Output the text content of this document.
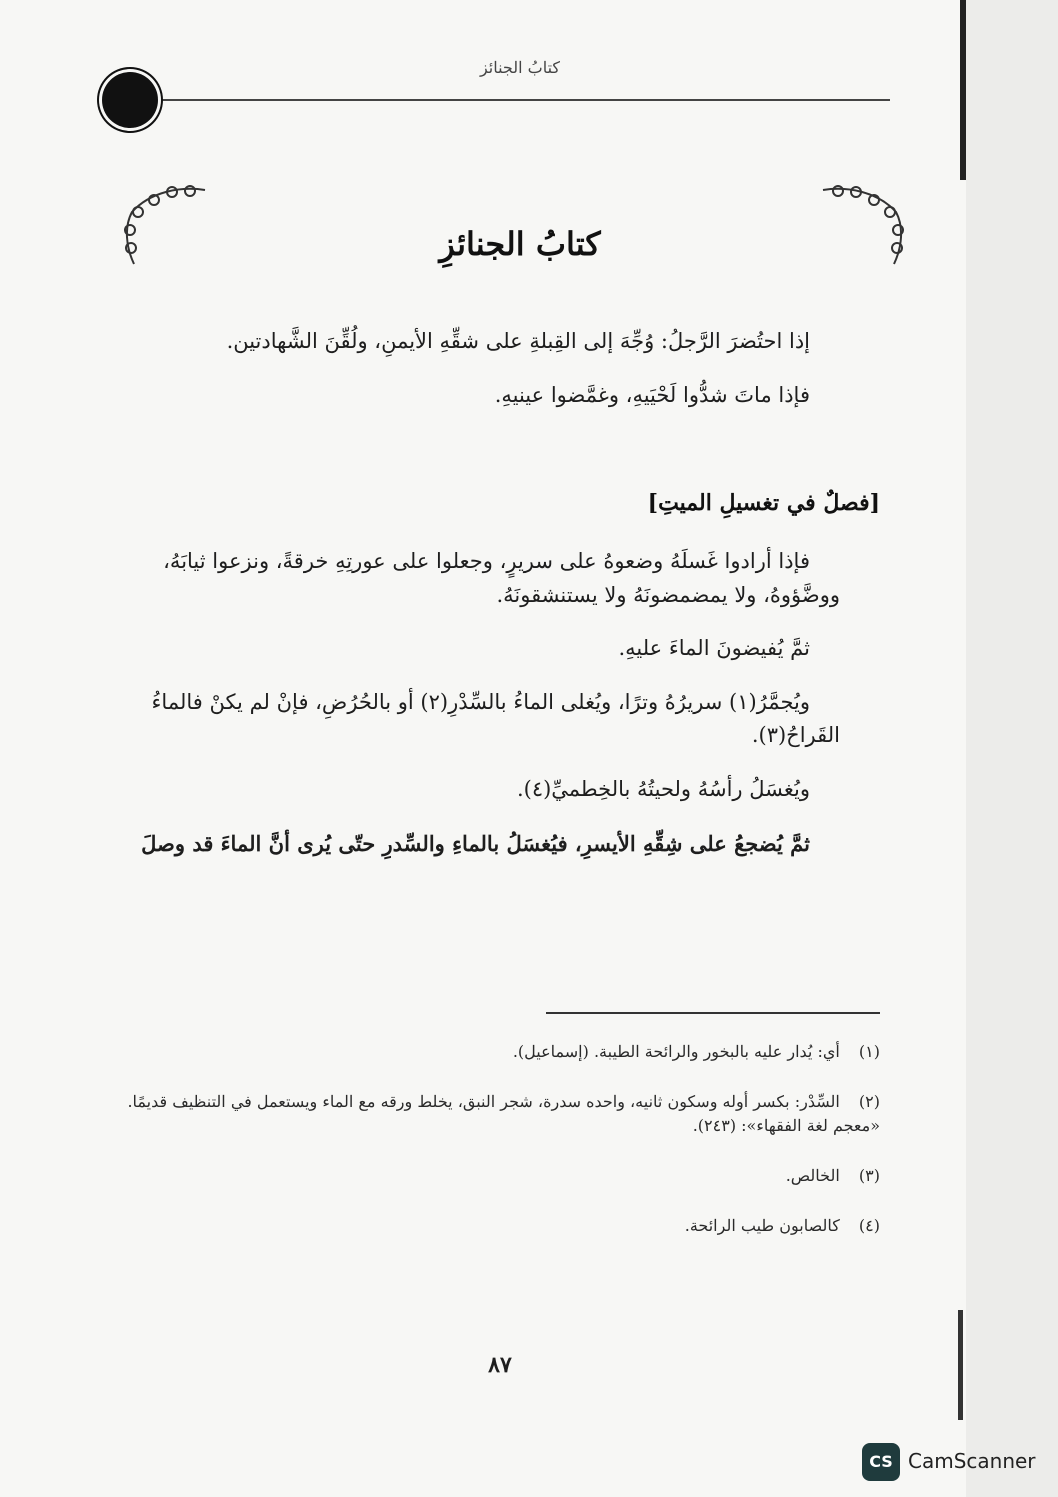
كتابُ الجنائز
كتابُ الجنائزِ

إذا احتُضرَ الرَّجلُ: وُجِّهَ إلى القِبلةِ على شقِّهِ الأيمنِ، ولُقِّنَ الشَّهادتين.

فإذا ماتَ شدُّوا لَحْيَيهِ، وغمَّضوا عينيهِ.

[فصلٌ في تغسيلِ الميتِ]

فإذا أرادوا غَسلَهُ وضعوهُ على سريرٍ، وجعلوا على عورتِهِ خرقةً، ونزعوا ثيابَهُ، ووضَّؤوهُ، ولا يمضمضونَهُ ولا يستنشقونَهُ.

ثمَّ يُفيضونَ الماءَ عليهِ.

ويُجمَّرُ(١) سريرُهُ وترًا، ويُغلى الماءُ بالسِّدْرِ(٢) أو بالحُرُضِ، فإنْ لم يكنْ فالماءُ القَراحُ(٣).

ويُغسَلُ رأسُهُ ولحيتُهُ بالخِطميِّ(٤).

ثمَّ يُضجعُ على شِقِّهِ الأيسرِ، فيُغسَلُ بالماءِ والسِّدرِ حتّى يُرى أنَّ الماءَ قد وصلَ

(١) أي: يُدار عليه بالبخور والرائحة الطيبة. (إسماعيل).
(٢) السِّدْر: بكسر أوله وسكون ثانيه، واحده سدرة، شجر النبق، يخلط ورقه مع الماء ويستعمل في التنظيف قديمًا. «معجم لغة الفقهاء»: (٢٤٣).
(٣) الخالص.
(٤) كالصابون طيب الرائحة.
٨٧
CS CamScanner
